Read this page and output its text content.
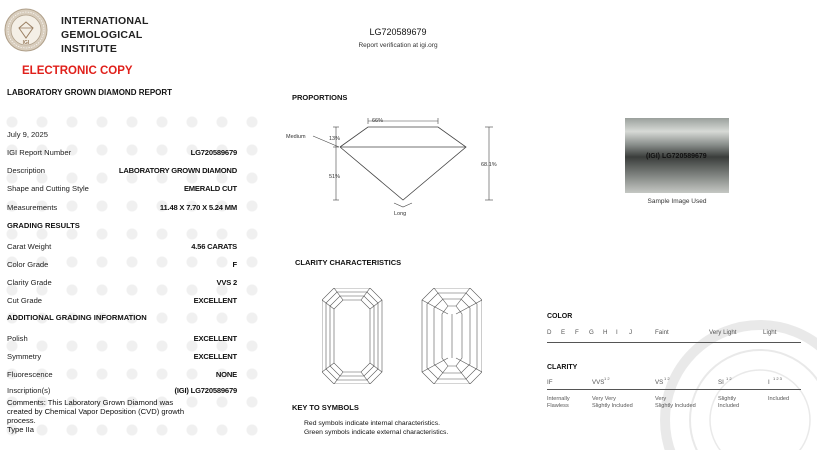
IGI
INTERNATIONAL
GEMOLOGICAL
INSTITUTE
ELECTRONIC COPY
LABORATORY GROWN DIAMOND REPORT
LG720589679
Report verification at igi.org
July 9, 2025
IGI Report Number	LG720589679
Description	LABORATORY GROWN DIAMOND
Shape and Cutting Style	EMERALD CUT
Measurements	11.48 X 7.70 X 5.24 MM
GRADING RESULTS
Carat Weight	4.56 CARATS
Color Grade	F
Clarity Grade	VVS 2
Cut Grade	EXCELLENT
ADDITIONAL GRADING INFORMATION
Polish	EXCELLENT
Symmetry	EXCELLENT
Fluorescence	NONE
Inscription(s)	(IGI) LG720589679
Comments: This Laboratory Grown Diamond was
created by Chemical Vapor Deposition (CVD) growth
process.
Type IIa
PROPORTIONS
66%
Medium	13%
51%
68.1%
Long
(IGI) LG720589679
Sample Image Used
CLARITY CHARACTERISTICS
KEY TO SYMBOLS
Red symbols indicate internal characteristics.
Green symbols indicate external characteristics.
COLOR
D E F G H I J	Faint	Very Light	Light
CLARITY
IF	VVS
1 2
VS
1 2
SI
1 2
I
1 2 3
Internally
Flawless
Very Very
Slightly Included
Very
Slightly Included
Slightly
Included
Included
